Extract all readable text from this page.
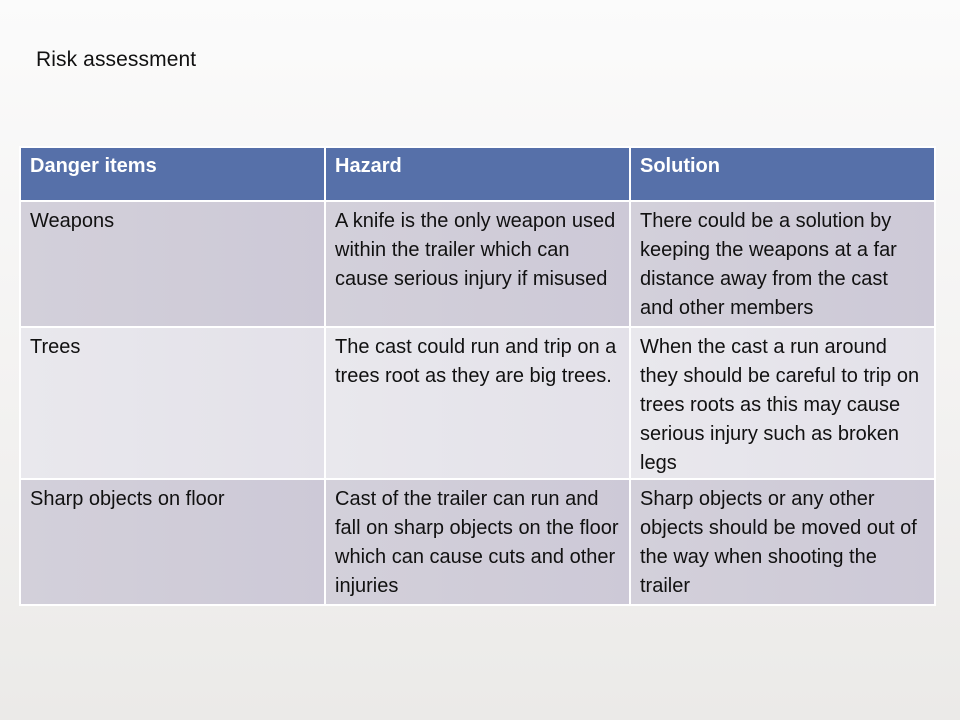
Risk assessment
Danger items	Hazard	Solution
Weapons	A knife is the only weapon used within the trailer which can cause serious injury if misused	There could be a solution by keeping the weapons at a far distance away from the cast and other members
Trees	The cast could run and trip on a trees root as they are big trees.	When the cast a run around they should be careful to trip on trees roots as this may cause serious injury such as broken legs
Sharp objects on floor	Cast of the trailer can run and fall on sharp objects on the floor which can cause cuts and other injuries	Sharp objects or any other objects should be moved out of the way when shooting the trailer
